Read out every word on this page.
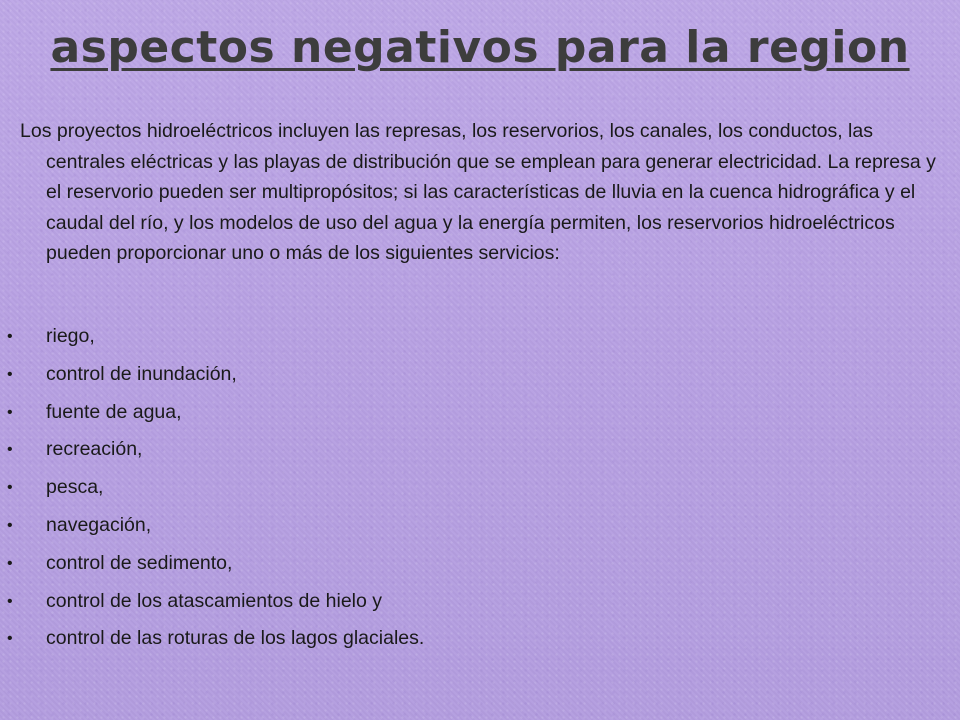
aspectos negativos para la region

Los proyectos hidroeléctricos incluyen las represas, los reservorios, los canales, los conductos, las centrales eléctricas y las playas de distribución que se emplean para generar electricidad. La represa y el reservorio pueden ser multipropósitos; si las características de lluvia en la cuenca hidrográfica y el caudal del río, y los modelos de uso del agua y la energía permiten, los reservorios hidroeléctricos pueden proporcionar uno o más de los siguientes servicios:

• riego,
• control de inundación,
• fuente de agua,
• recreación,
• pesca,
• navegación,
• control de sedimento,
• control de los atascamientos de hielo y
• control de las roturas de los lagos glaciales.
